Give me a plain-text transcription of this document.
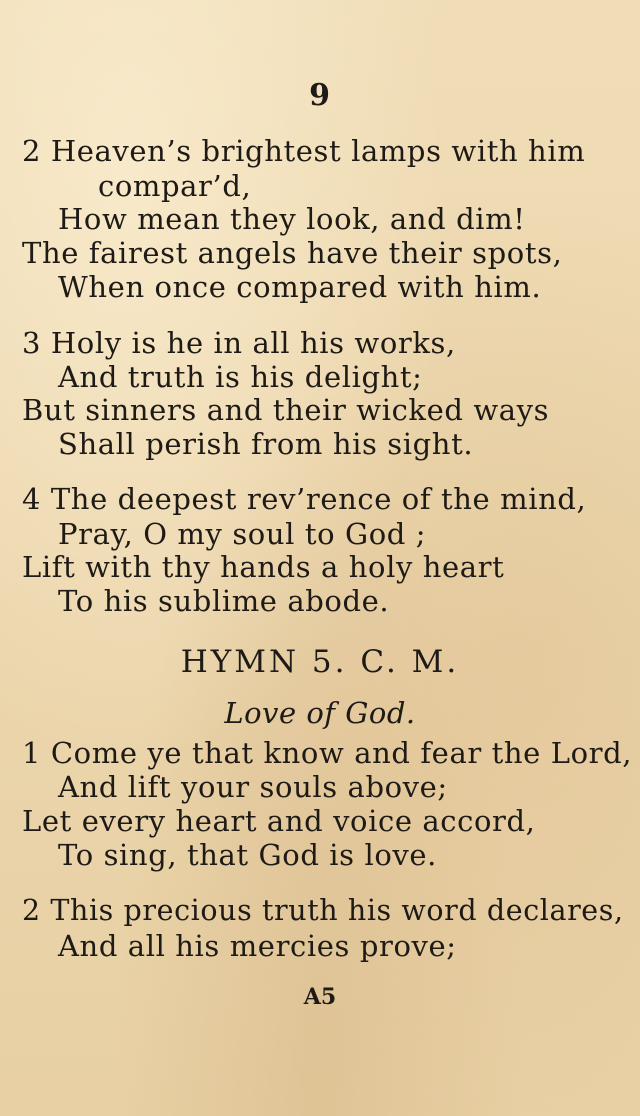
9
2 Heaven’s brightest lamps with him
compar’d,
How mean they look, and dim!
The fairest angels have their spots,
When once compared with him.
3 Holy is he in all his works,
And truth is his delight;
But sinners and their wicked ways
Shall perish from his sight.
4 The deepest rev’rence of the mind,
Pray, O my soul to God ;
Lift with thy hands a holy heart
To his sublime abode.
HYMN 5. C. M.
Love of God.
1 Come ye that know and fear the Lord,
And lift your souls above;
Let every heart and voice accord,
To sing, that God is love.
2 This precious truth his word declares,
And all his mercies prove;
A5
